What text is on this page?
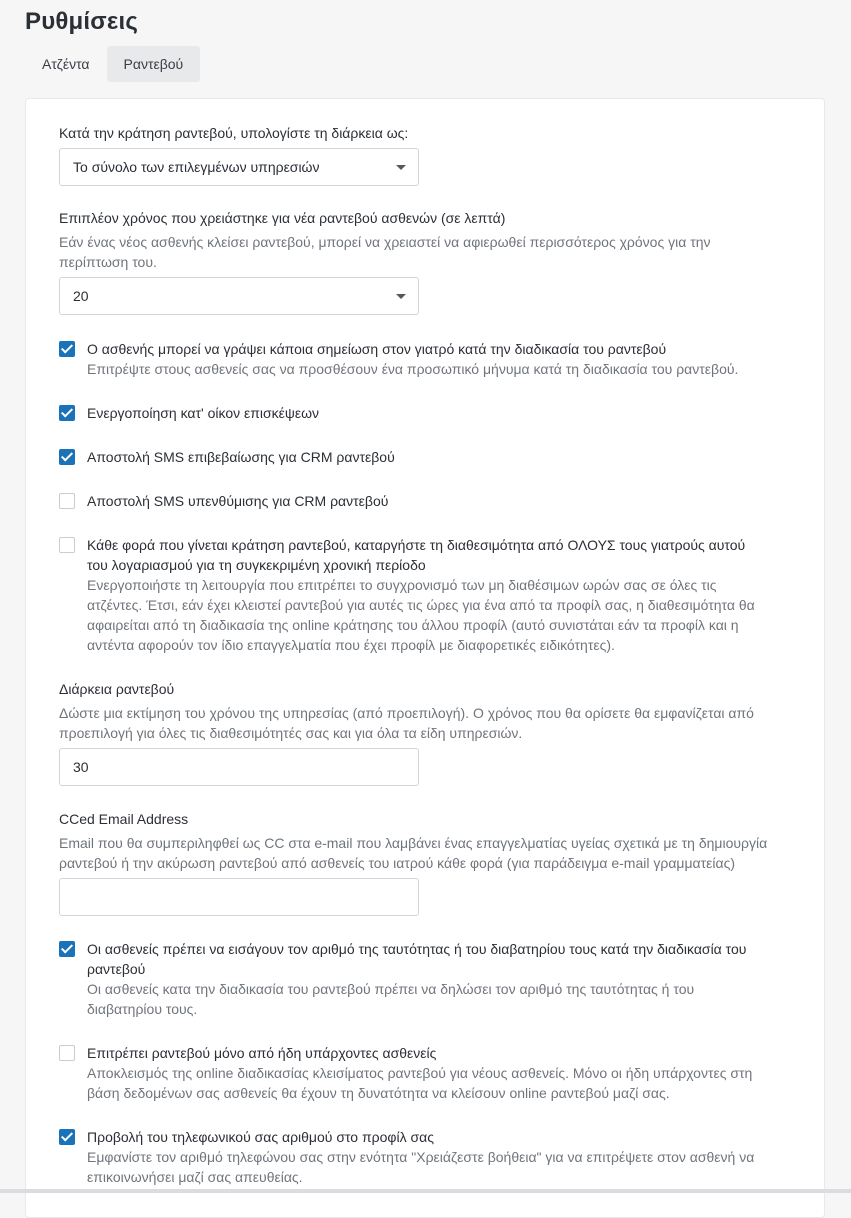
Ρυθμίσεις
Ατζέντα	Ραντεβού
Κατά την κράτηση ραντεβού, υπολογίστε τη διάρκεια ως:
Το σύνολο των επιλεγμένων υπηρεσιών
Επιπλέον χρόνος που χρειάστηκε για νέα ραντεβού ασθενών (σε λεπτά)
Εάν ένας νέος ασθενής κλείσει ραντεβού, μπορεί να χρειαστεί να αφιερωθεί περισσότερος χρόνος για την
περίπτωση του.
20
Ο ασθενής μπορεί να γράψει κάποια σημείωση στον γιατρό κατά την διαδικασία του ραντεβού
Επιτρέψτε στους ασθενείς σας να προσθέσουν ένα προσωπικό μήνυμα κατά τη διαδικασία του ραντεβού.
Ενεργοποίηση κατ' οίκον επισκέψεων
Αποστολή SMS επιβεβαίωσης για CRM ραντεβού
Αποστολή SMS υπενθύμισης για CRM ραντεβού
Κάθε φορά που γίνεται κράτηση ραντεβού, καταργήστε τη διαθεσιμότητα από ΟΛΟΥΣ τους γιατρούς αυτού
του λογαριασμού για τη συγκεκριμένη χρονική περίοδο
Ενεργοποιήστε τη λειτουργία που επιτρέπει το συγχρονισμό των μη διαθέσιμων ωρών σας σε όλες τις
ατζέντες. Έτσι, εάν έχει κλειστεί ραντεβού για αυτές τις ώρες για ένα από τα προφίλ σας, η διαθεσιμότητα θα
αφαιρείται από τη διαδικασία της online κράτησης του άλλου προφίλ (αυτό συνιστάται εάν τα προφίλ και η
αντέντα αφορούν τον ίδιο επαγγελματία που έχει προφίλ με διαφορετικές ειδικότητες).
Διάρκεια ραντεβού
Δώστε μια εκτίμηση του χρόνου της υπηρεσίας (από προεπιλογή). Ο χρόνος που θα ορίσετε θα εμφανίζεται από
προεπιλογή για όλες τις διαθεσιμότητές σας και για όλα τα είδη υπηρεσιών.
30
CCed Email Address
Email που θα συμπεριληφθεί ως CC στα e-mail που λαμβάνει ένας επαγγελματίας υγείας σχετικά με τη δημιουργία
ραντεβού ή την ακύρωση ραντεβού από ασθενείς του ιατρού κάθε φορά (για παράδειγμα e-mail γραμματείας)
Οι ασθενείς πρέπει να εισάγουν τον αριθμό της ταυτότητας ή του διαβατηρίου τους κατά την διαδικασία του
ραντεβού
Οι ασθενείς κατα την διαδικασία του ραντεβού πρέπει να δηλώσει τον αριθμό της ταυτότητας ή του
διαβατηρίου τους.
Επιτρέπει ραντεβού μόνο από ήδη υπάρχοντες ασθενείς
Αποκλεισμός της online διαδικασίας κλεισίματος ραντεβού για νέους ασθενείς. Μόνο οι ήδη υπάρχοντες στη
βάση δεδομένων σας ασθενείς θα έχουν τη δυνατότητα να κλείσουν online ραντεβού μαζί σας.
Προβολή του τηλεφωνικού σας αριθμού στο προφίλ σας
Εμφανίστε τον αριθμό τηλεφώνου σας στην ενότητα "Χρειάζεστε βοήθεια" για να επιτρέψετε στον ασθενή να
επικοινωνήσει μαζί σας απευθείας.
